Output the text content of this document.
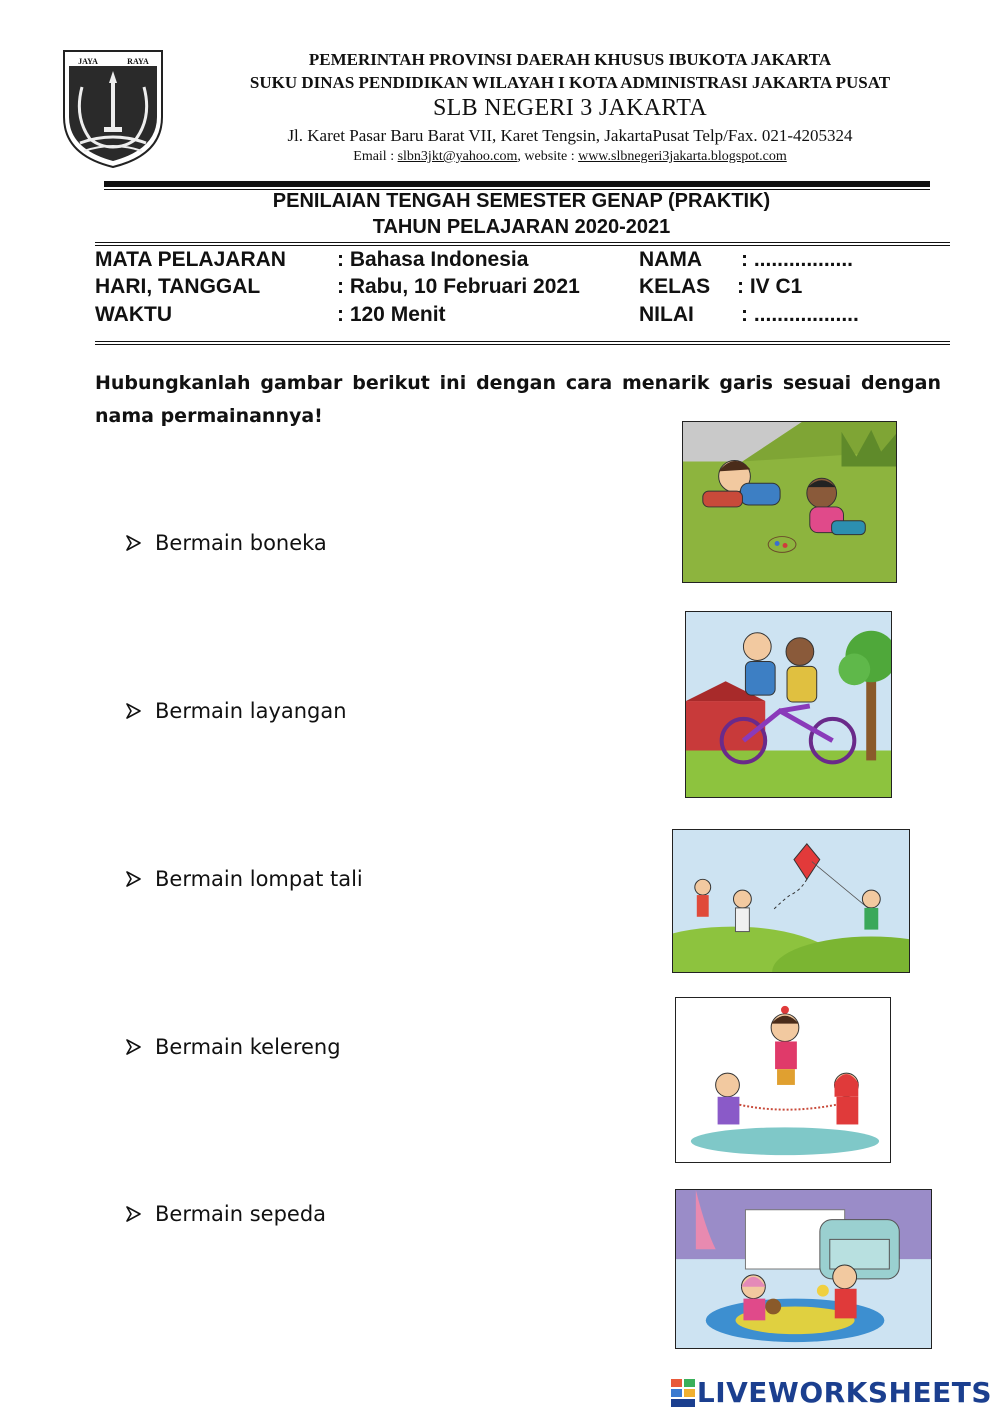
JAYA	RAYA	PEMERINTAH PROVINSI DAERAH KHUSUS IBUKOTA JAKARTA
SUKU DINAS PENDIDIKAN WILAYAH I KOTA ADMINISTRASI JAKARTA PUSAT
SLB NEGERI 3 JAKARTA
Jl. Karet Pasar Baru Barat VII, Karet Tengsin, JakartaPusat Telp/Fax. 021-4205324
Email : slbn3jkt@yahoo.com, website : www.slbnegeri3jakarta.blogspot.com
PENILAIAN TENGAH SEMESTER GENAP (PRAKTIK)
TAHUN PELAJARAN 2020-2021
MATA PELAJARAN : Bahasa Indonesia	NAMA : .................
HARI, TANGGAL	: Rabu, 10 Februari 2021	KELAS : IV C1
WAKTU	: 120 Menit	NILAI : ..................
Hubungkanlah gambar berikut ini dengan cara menarik garis sesuai dengan nama permainannya!
Bermain boneka
Bermain layangan
Bermain lompat tali
Bermain kelereng
Bermain sepeda
LIVEWORKSHEETS
